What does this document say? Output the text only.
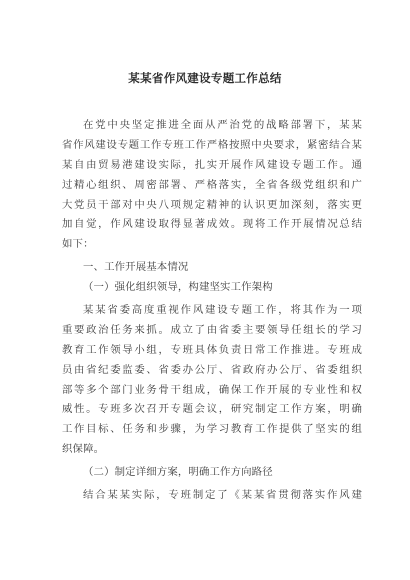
某某省作风建设专题工作总结
在党中央坚定推进全面从严治党的战略部署下，某某
省作风建设专题工作专班工作严格按照中央要求，紧密结合某
某自由贸易港建设实际，扎实开展作风建设专题工作。通
过精心组织、周密部署、严格落实，全省各级党组织和广
大党员干部对中央八项规定精神的认识更加深刻，落实更
加自觉，作风建设取得显著成效。现将工作开展情况总结
如下：
一、工作开展基本情况
（一）强化组织领导，构建坚实工作架构
某某省委高度重视作风建设专题工作，将其作为一项
重要政治任务来抓。成立了由省委主要领导任组长的学习
教育工作领导小组，专班具体负责日常工作推进。专班成
员由省纪委监委、省委办公厅、省政府办公厅、省委组织
部等多个部门业务骨干组成，确保工作开展的专业性和权
威性。专班多次召开专题会议，研究制定工作方案，明确
工作目标、任务和步骤，为学习教育工作提供了坚实的组
织保障。
（二）制定详细方案，明确工作方向路径
结合某某实际，专班制定了《某某省贯彻落实作风建
